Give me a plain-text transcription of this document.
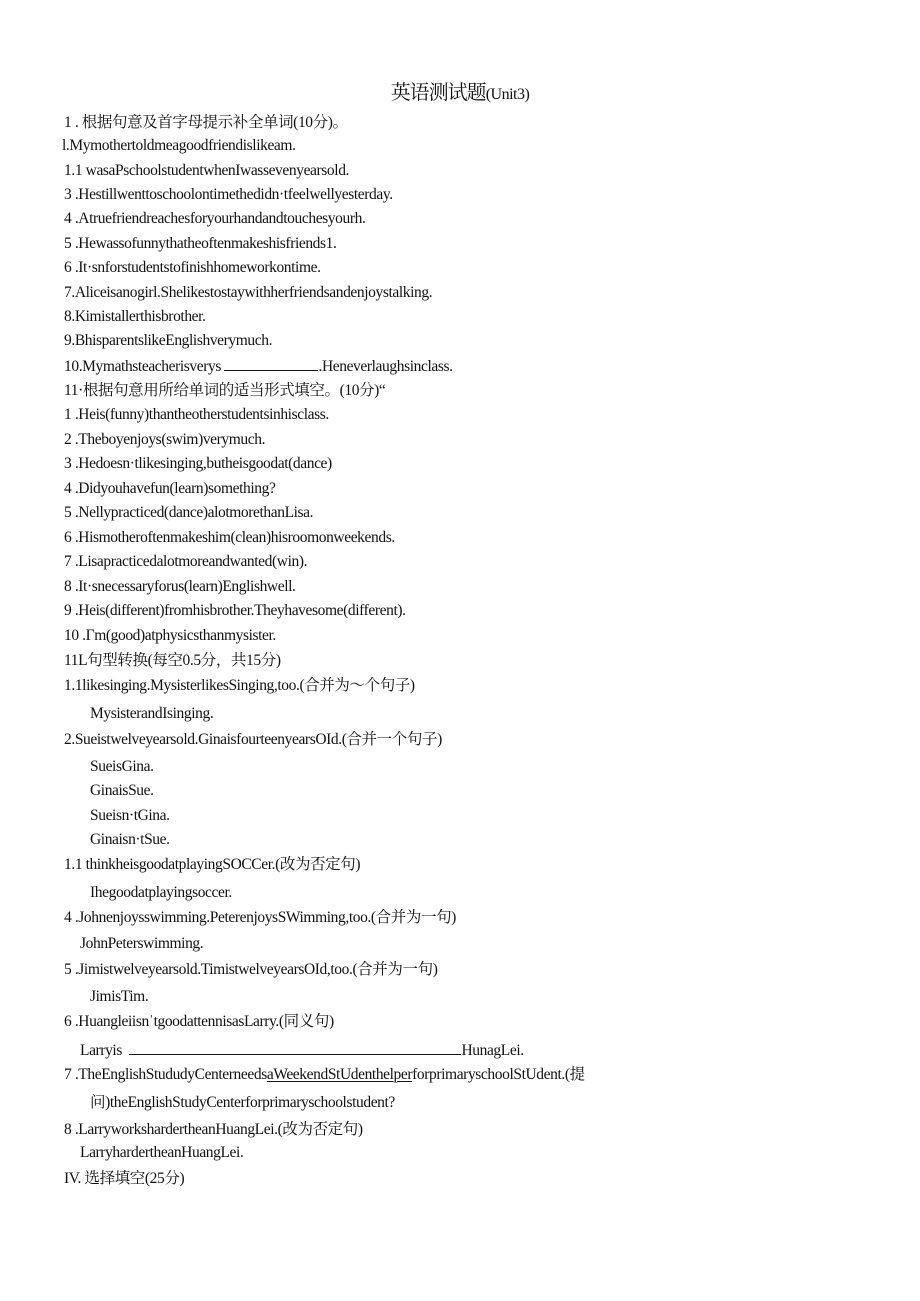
英语测试题(Unit3)
1 . 根据句意及首字母提示补全单词(10分)。
l.Mymothertoldmeagoodfriendislikeam.
1.1 wasaPschoolstudentwhenIwassevenyearsold.
3 .Hestillwenttoschoolontimethedidn·tfeelwellyesterday.
4 .Atruefriendreachesforyourhandandtouchesyourh.
5 .Hewassofunnythatheoftenmakeshisfriends1.
6 .It·snforstudentstofinishhomeworkontime.
7.Aliceisanogirl.Shelikestostaywithherfriendsandenjoystalking.
8.Kimistallerthisbrother.
9.BhisparentslikeEnglishverymuch.
10.Mymathsteacherisverys	.Heneverlaughsinclass.
11·根据句意用所给单词的适当形式填空。(10分)“
1 .Heis(funny)thantheotherstudentsinhisclass.
2 .Theboyenjoys(swim)verymuch.
3 .Hedoesn·tlikesinging,butheisgoodat(dance)
4 .Didyouhavefun(learn)something?
5 .Nellypracticed(dance)alotmorethanLisa.
6 .Hismotheroftenmakeshim(clean)hisroomonweekends.
7 .Lisapracticedalotmoreandwanted(win).
8 .It·snecessaryforus(learn)Englishwell.
9 .Heis(different)fromhisbrother.Theyhavesome(different).
10 .Γm(good)atphysicsthanmysister.
11L句型转换(每空0.5分，共15分)
1.1likesinging.MysisterlikesSinging,too.(合并为～个句子)
MysisterandIsinging.
2.Sueistwelveyearsold.GinaisfourteenyearsOId.(合并一个句子)
SueisGina.
GinaisSue.
Sueisn·tGina.
Ginaisn·tSue.
1.1 thinkheisgoodatplayingSOCCer.(改为否定句)
Ihegoodatplayingsoccer.
4 .Johnenjoysswimming.PeterenjoysSWimming,too.(合并为一句)
JohnPeterswimming.
5 .Jimistwelveyearsold.TimistwelveyearsOId,too.(合并为一句)
JimisTim.
6 .HuangleiisnˈtgoodattennisasLarry.(同义句)
Larryis	HunagLei.
7 .TheEnglishStududyCenterneedsaWeekendStUdenthelperforprimaryschoolStUdent.(提
问)theEnglishStudyCenterforprimaryschoolstudent?
8 .LarryworkshardertheanHuangLei.(改为否定句)
LarryhardertheanHuangLei.
IV. 选择填空(25分)
